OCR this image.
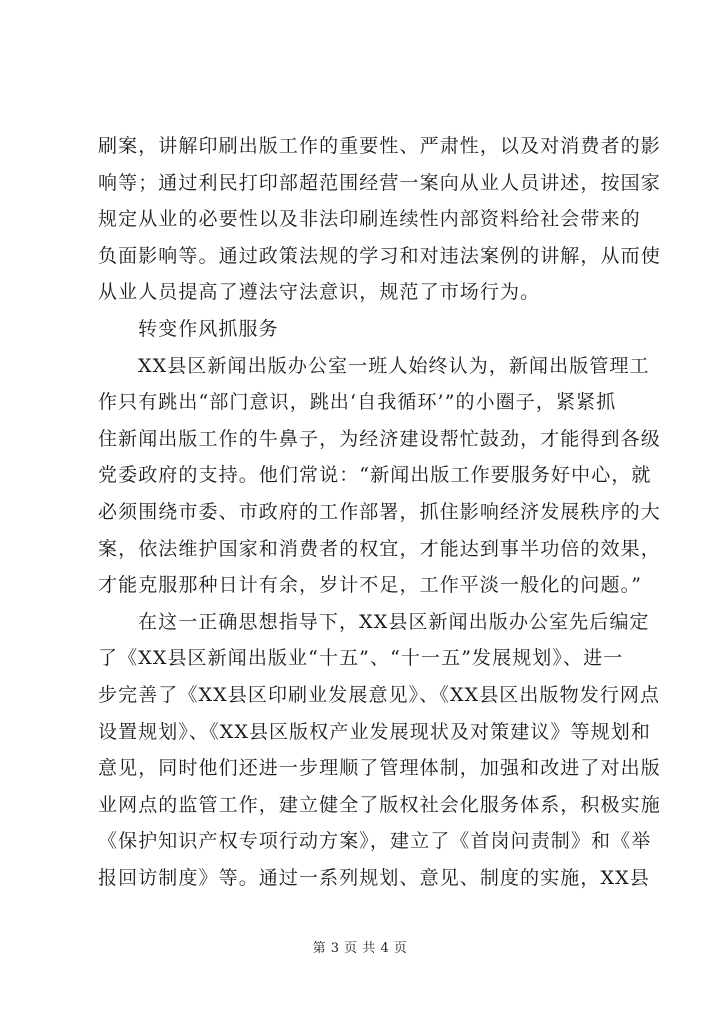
刷案，讲解印刷出版工作的重要性、严肃性，以及对消费者的影
响等；通过利民打印部超范围经营一案向从业人员讲述，按国家
规定从业的必要性以及非法印刷连续性内部资料给社会带来的
负面影响等。通过政策法规的学习和对违法案例的讲解，从而使
从业人员提高了遵法守法意识，规范了市场行为。
转变作风抓服务
XX县区新闻出版办公室一班人始终认为，新闻出版管理工
作只有跳出“部门意识，跳出‘自我循环’”的小圈子，紧紧抓
住新闻出版工作的牛鼻子，为经济建设帮忙鼓劲，才能得到各级
党委政府的支持。他们常说：“新闻出版工作要服务好中心，就
必须围绕市委、市政府的工作部署，抓住影响经济发展秩序的大
案，依法维护国家和消费者的权宜，才能达到事半功倍的效果，
才能克服那种日计有余，岁计不足，工作平淡一般化的问题。”
在这一正确思想指导下，XX县区新闻出版办公室先后编定
了《XX县区新闻出版业“十五”、“十一五”发展规划》、进一
步完善了《XX县区印刷业发展意见》、《XX县区出版物发行网点
设置规划》、《XX县区版权产业发展现状及对策建议》等规划和
意见，同时他们还进一步理顺了管理体制，加强和改进了对出版
业网点的监管工作，建立健全了版权社会化服务体系，积极实施
《保护知识产权专项行动方案》，建立了《首岗问责制》和《举
报回访制度》等。通过一系列规划、意见、制度的实施，XX县
第 3 页 共 4 页
